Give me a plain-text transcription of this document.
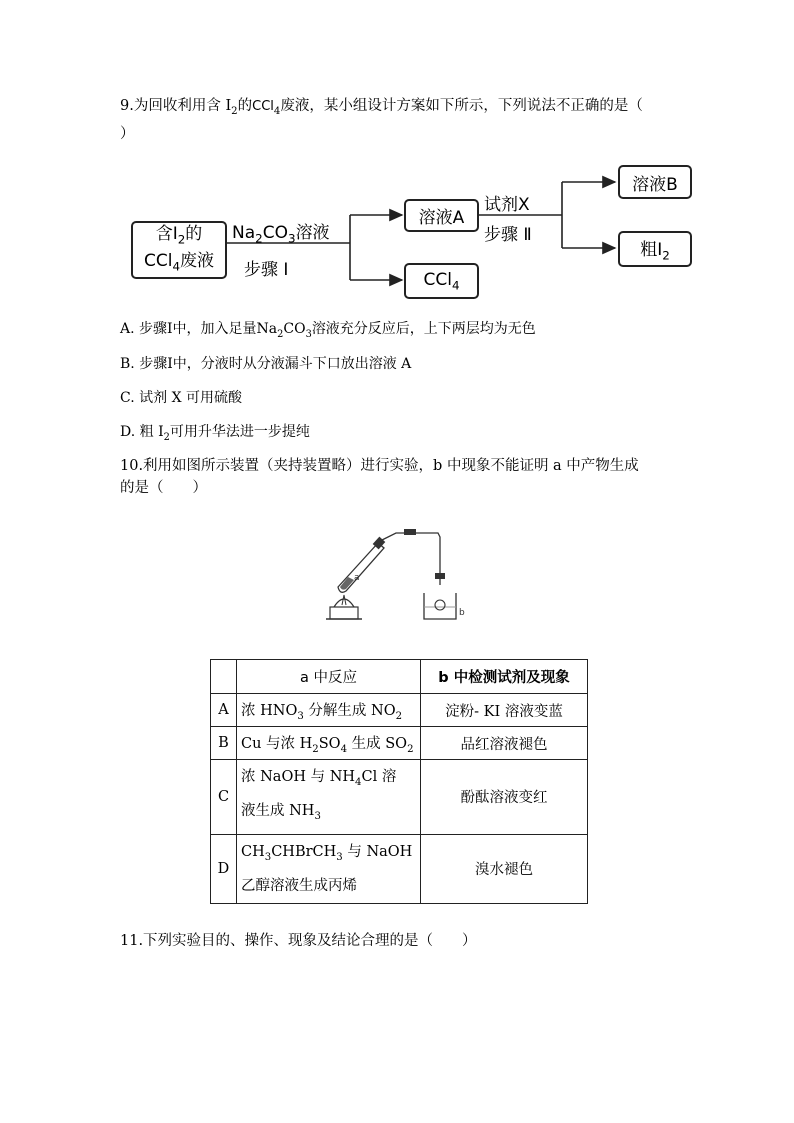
9.为回收利用含 $I_2$的CCl$_4$废液，某小组设计方案如下所示，下列说法不正确的是（
）
含$I_2$的
CCl$_4$废液
$Na_2CO_3$溶液
步骤 Ⅰ
溶液A
CCl$_4$
试剂X
步骤 Ⅱ
溶液B
粗$I_2$
A. 步骤Ⅰ中，加入足量$Na_2CO_3$溶液充分反应后，上下两层均为无色
B. 步骤Ⅰ中，分液时从分液漏斗下口放出溶液 A
C. 试剂 X 可用硫酸
D. 粗 $I_2$可用升华法进一步提纯
10.利用如图所示装置（夹持装置略）进行实验，b 中现象不能证明 a 中产物生成
的是（　　）
a
b
	a 中反应	b 中检测试剂及现象
A	浓 $HNO_3$ 分解生成 $NO_2$	淀粉- KI 溶液变蓝
B	Cu 与浓 $H_2SO_4$ 生成 $SO_2$	品红溶液褪色
C	浓 NaOH 与 $NH_4Cl$ 溶
液生成 $NH_3$	酚酞溶液变红
D	$CH_3CHBrCH_3$ 与 NaOH
乙醇溶液生成丙烯	溴水褪色
11.下列实验目的、操作、现象及结论合理的是（　　）
